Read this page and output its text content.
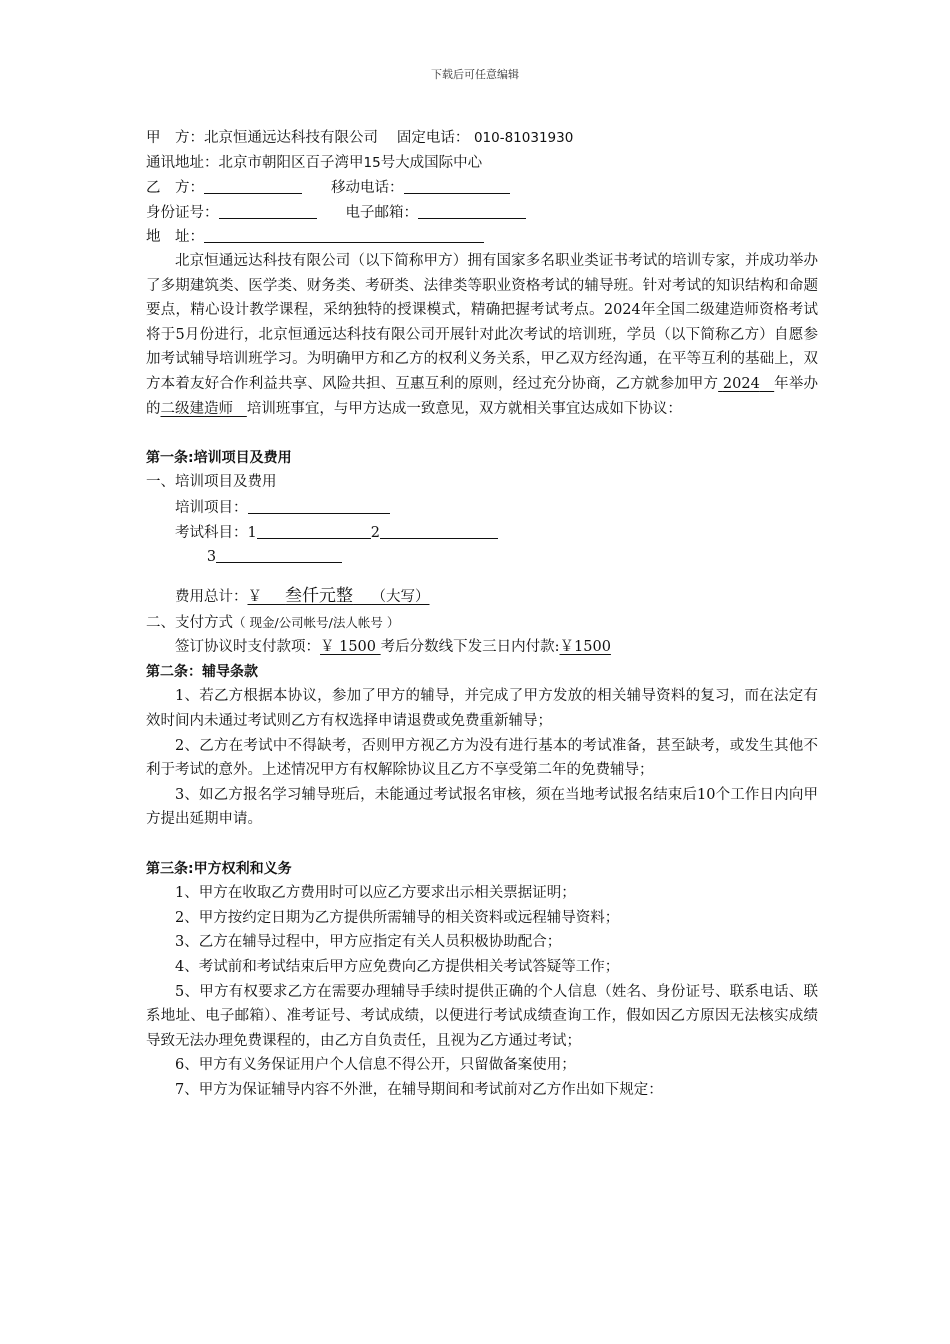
下载后可任意编辑
甲　方：北京恒通远达科技有限公司 固定电话： 010-81031930
通讯地址：北京市朝阳区百子湾甲15号大成国际中心
乙　方：	移动电话：
身份证号：	电子邮箱：
地　址：
北京恒通远达科技有限公司（以下简称甲方）拥有国家多名职业类证书考试的培训专家，并成功举办了多期建筑类、医学类、财务类、考研类、法律类等职业资格考试的辅导班。针对考试的知识结构和命题要点，精心设计教学课程，采纳独特的授课模式，精确把握考试考点。2024年全国二级建造师资格考试将于5月份进行，北京恒通远达科技有限公司开展针对此次考试的培训班，学员（以下简称乙方）自愿参加考试辅导培训班学习。为明确甲方和乙方的权利义务关系，甲乙双方经沟通，在平等互利的基础上，双方本着友好合作利益共享、风险共担、互惠互利的原则，经过充分协商，乙方就参加甲方 2024 年举办的二级建造师 培训班事宜，与甲方达成一致意见，双方就相关事宜达成如下协议：
第一条:培训项目及费用
一、培训项目及费用
培训项目：
考试科目：1	2
3
费用总计：￥ 叁仟元整 （大写）
二、支付方式（ 现金/公司帐号/法人帐号 ）
签订协议时支付款项：￥ 1500 考后分数线下发三日内付款:￥1500
第二条：辅导条款
1、若乙方根据本协议，参加了甲方的辅导，并完成了甲方发放的相关辅导资料的复习，而在法定有效时间内未通过考试则乙方有权选择申请退费或免费重新辅导；
2、乙方在考试中不得缺考，否则甲方视乙方为没有进行基本的考试准备，甚至缺考，或发生其他不利于考试的意外。上述情况甲方有权解除协议且乙方不享受第二年的免费辅导；
3、如乙方报名学习辅导班后，未能通过考试报名审核，须在当地考试报名结束后10个工作日内向甲方提出延期申请。
第三条:甲方权利和义务
1、甲方在收取乙方费用时可以应乙方要求出示相关票据证明；
2、甲方按约定日期为乙方提供所需辅导的相关资料或远程辅导资料；
3、乙方在辅导过程中，甲方应指定有关人员积极协助配合；
4、考试前和考试结束后甲方应免费向乙方提供相关考试答疑等工作；
5、甲方有权要求乙方在需要办理辅导手续时提供正确的个人信息（姓名、身份证号、联系电话、联系地址、电子邮箱）、准考证号、考试成绩，以便进行考试成绩查询工作，假如因乙方原因无法核实成绩导致无法办理免费课程的，由乙方自负责任，且视为乙方通过考试；
6、甲方有义务保证用户个人信息不得公开，只留做备案使用；
7、甲方为保证辅导内容不外泄，在辅导期间和考试前对乙方作出如下规定：
